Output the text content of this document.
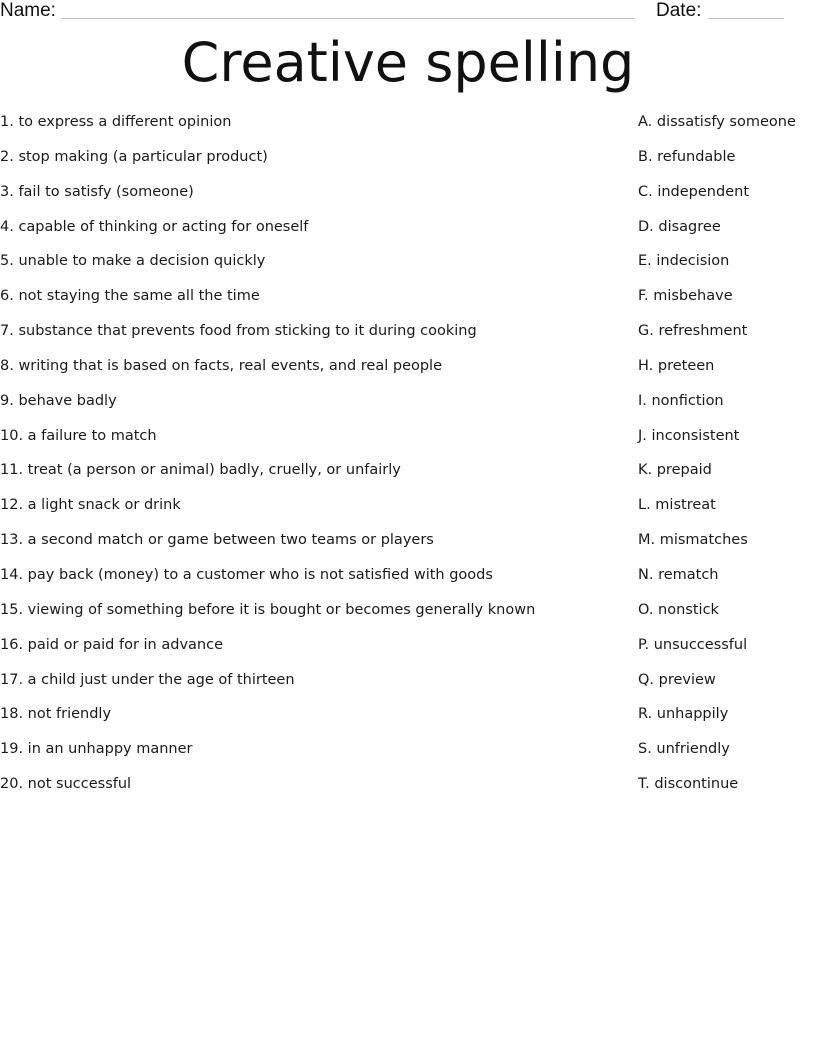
Name:	Date:
Creative spelling
1. to express a different opinion
2. stop making (a particular product)
3. fail to satisfy (someone)
4. capable of thinking or acting for oneself
5. unable to make a decision quickly
6. not staying the same all the time
7. substance that prevents food from sticking to it during cooking
8. writing that is based on facts, real events, and real people
9. behave badly
10. a failure to match
11. treat (a person or animal) badly, cruelly, or unfairly
12. a light snack or drink
13. a second match or game between two teams or players
14. pay back (money) to a customer who is not satisfied with goods
15. viewing of something before it is bought or becomes generally known
16. paid or paid for in advance
17. a child just under the age of thirteen
18. not friendly
19. in an unhappy manner
20. not successful
A. dissatisfy someone
B. refundable
C. independent
D. disagree
E. indecision
F. misbehave
G. refreshment
H. preteen
I. nonfiction
J. inconsistent
K. prepaid
L. mistreat
M. mismatches
N. rematch
O. nonstick
P. unsuccessful
Q. preview
R. unhappily
S. unfriendly
T. discontinue
